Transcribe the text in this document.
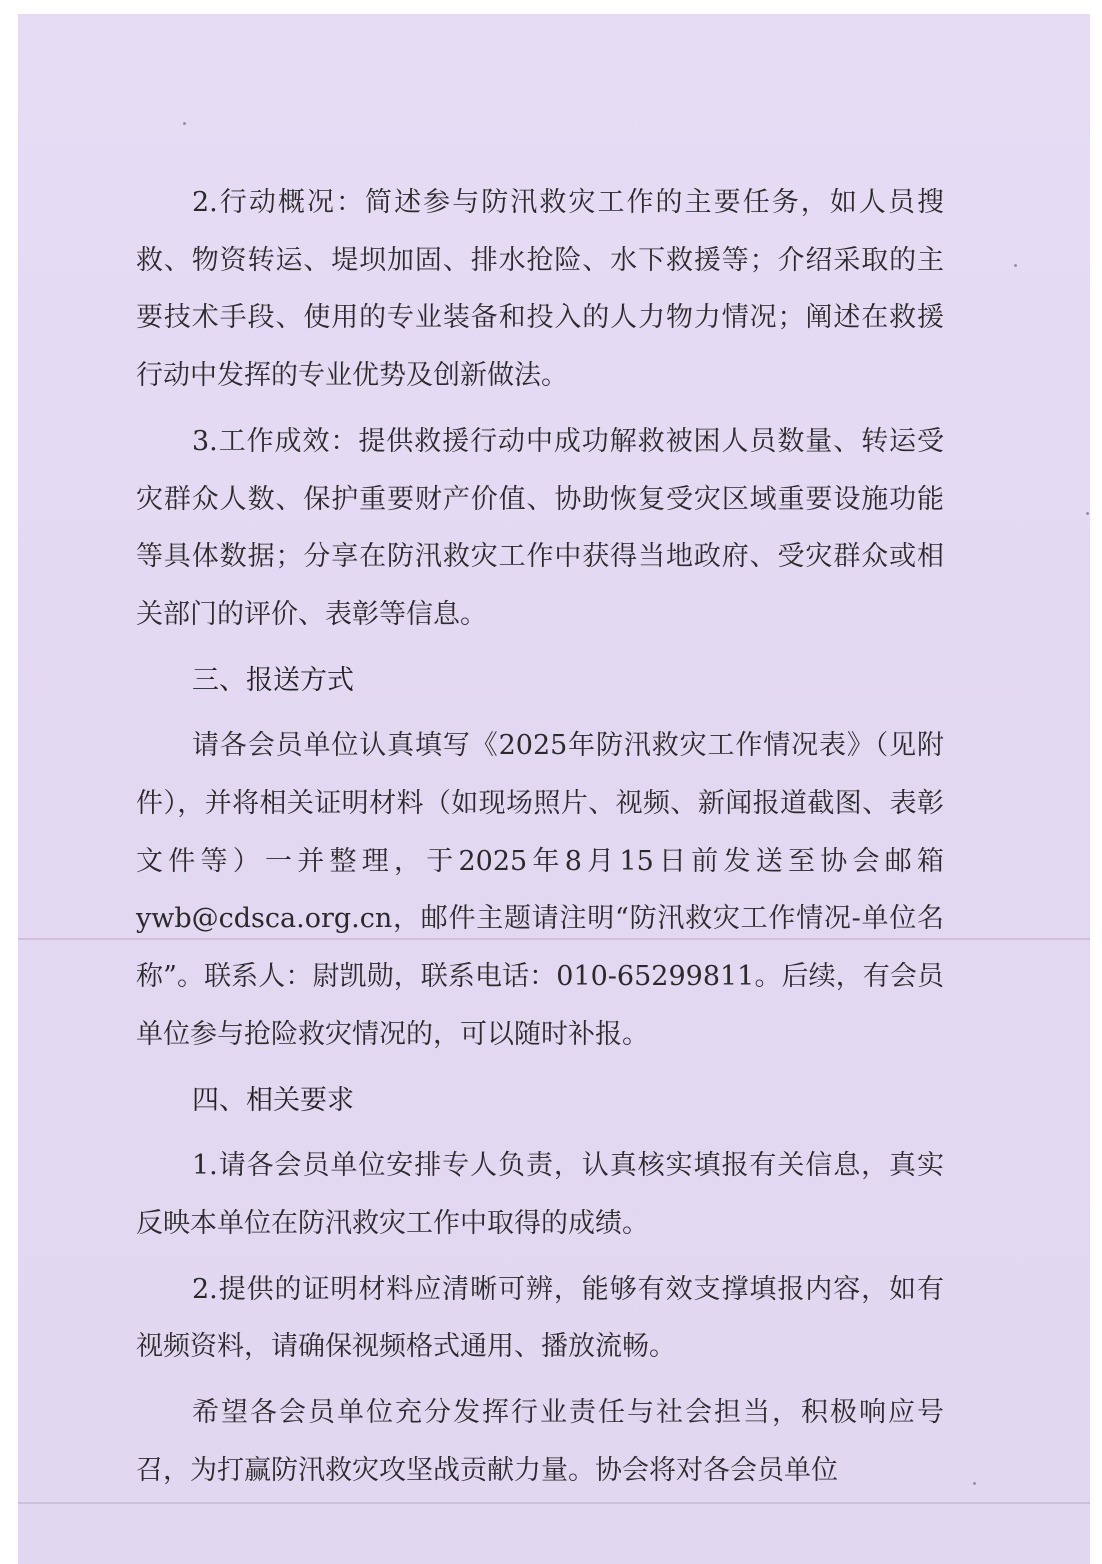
2.行动概况：简述参与防汛救灾工作的主要任务，如人员搜救、物资转运、堤坝加固、排水抢险、水下救援等；介绍采取的主要技术手段、使用的专业装备和投入的人力物力情况；阐述在救援行动中发挥的专业优势及创新做法。

3.工作成效：提供救援行动中成功解救被困人员数量、转运受灾群众人数、保护重要财产价值、协助恢复受灾区域重要设施功能等具体数据；分享在防汛救灾工作中获得当地政府、受灾群众或相关部门的评价、表彰等信息。

三、报送方式

请各会员单位认真填写《2025年防汛救灾工作情况表》（见附件），并将相关证明材料（如现场照片、视频、新闻报道截图、表彰文件等）一并整理，于2025年8月15日前发送至协会邮箱 ywb@cdsca.org.cn，邮件主题请注明“防汛救灾工作情况-单位名称”。联系人：尉凯勋，联系电话：010-65299811。后续，有会员单位参与抢险救灾情况的，可以随时补报。

四、相关要求

1.请各会员单位安排专人负责，认真核实填报有关信息，真实反映本单位在防汛救灾工作中取得的成绩。

2.提供的证明材料应清晰可辨，能够有效支撑填报内容，如有视频资料，请确保视频格式通用、播放流畅。

希望各会员单位充分发挥行业责任与社会担当，积极响应号召，为打赢防汛救灾攻坚战贡献力量。协会将对各会员单位
